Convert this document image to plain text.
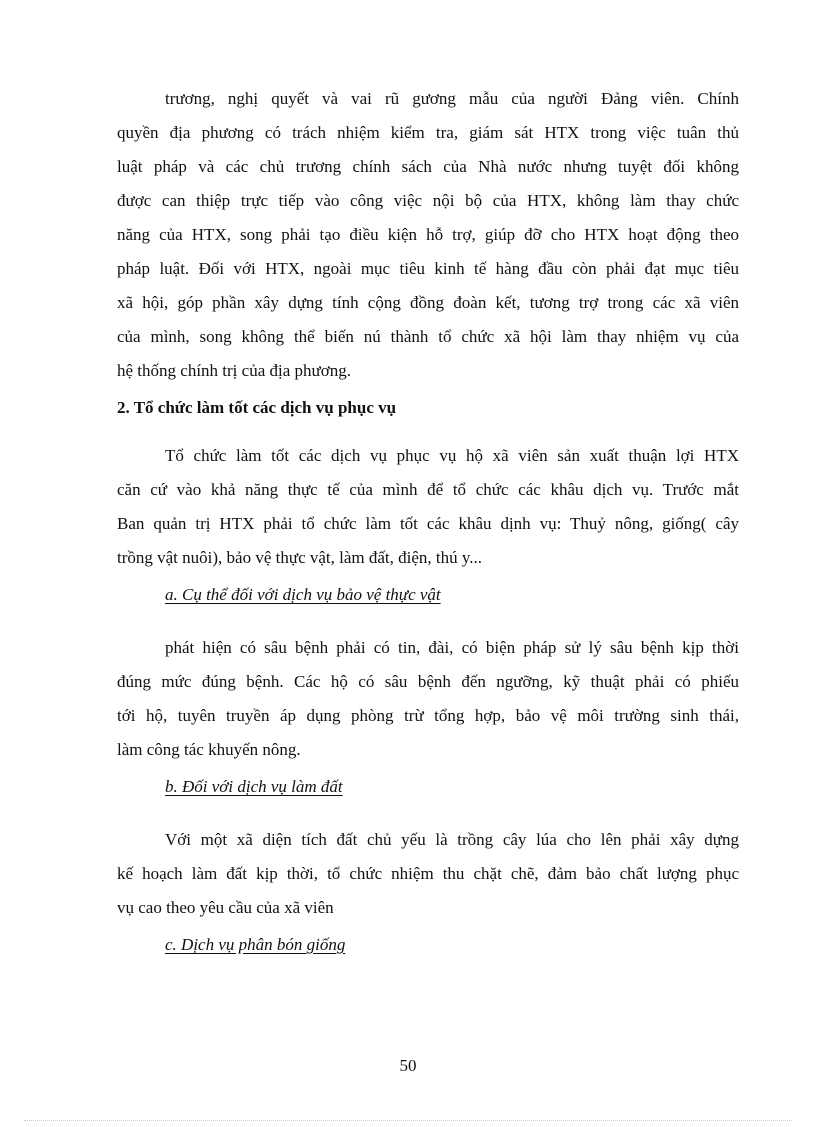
trương, nghị quyết và vai rũ gương mẫu của người Đảng viên. Chính
quyền địa phương có trách nhiệm kiểm tra, giám sát HTX trong việc tuân thủ
luật pháp và các chủ trương chính sách của Nhà nước nhưng tuyệt đối không
được can thiệp trực tiếp vào công việc nội bộ của HTX, không làm thay chức
năng của HTX, song phải tạo điều kiện hỗ trợ, giúp đỡ cho HTX hoạt động theo
pháp luật. Đối với HTX, ngoài mục tiêu kinh tế hàng đầu còn phải đạt mục tiêu
xã hội, góp phần xây dựng tính cộng đồng đoàn kết, tương trợ trong các xã viên
của mình, song không thể biến nú thành tổ chức xã hội làm thay nhiệm vụ của
hệ thống chính trị của địa phương.
2. Tổ chức làm tốt các dịch vụ phục vụ
Tổ chức làm tốt các dịch vụ phục vụ hộ xã viên sản xuất thuận lợi HTX
căn cứ vào khả năng thực tế của mình để tổ chức các khâu dịch vụ. Trước mắt
Ban quản trị HTX phải tổ chức làm tốt các khâu dịnh vụ: Thuỷ nông, giống( cây
trồng vật nuôi), bảo vệ thực vật, làm đất, điện, thú y...
a. Cụ thể đối với dịch vụ bảo vệ thực vật
phát hiện có sâu bệnh phải có tin, đài, có biện pháp sử lý sâu bệnh kịp thời
đúng mức đúng bệnh. Các hộ có sâu bệnh đến ngưỡng, kỹ thuật phải có phiếu
tới hộ, tuyên truyền áp dụng phòng trừ tổng hợp, bảo vệ môi trường sinh thái,
làm công tác khuyến nông.
b. Đối với dịch vụ làm đất
Với một xã diện tích đất chủ yếu là trồng cây lúa cho lên phải xây dựng
kế hoạch làm đất kịp thời, tổ chức nhiệm thu chặt chẽ, đảm bảo chất lượng phục
vụ cao theo yêu cầu của xã viên
c. Dịch vụ phân bón giống
50
